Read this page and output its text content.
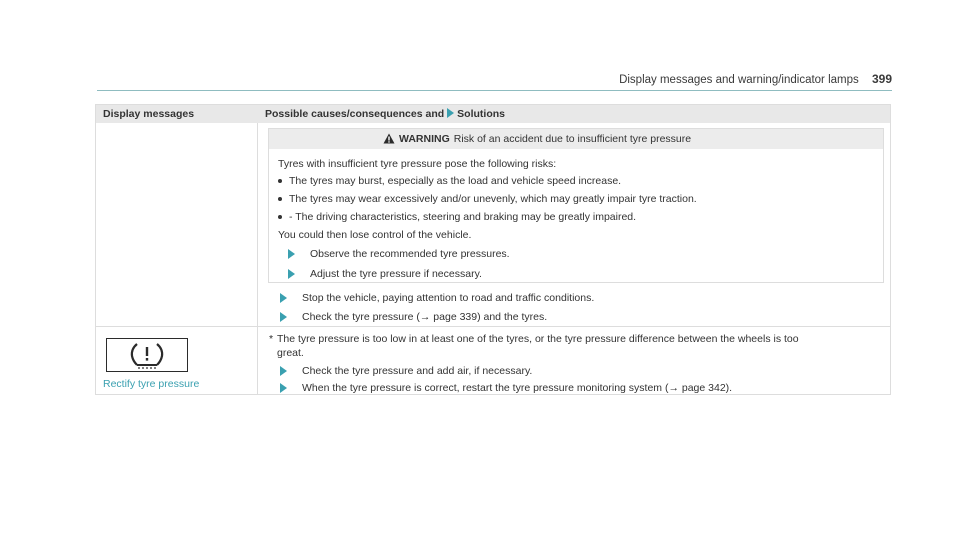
Display messages and warning/indicator lamps 399
Display messages	Possible causes/consequences and Solutions
WARNING Risk of an accident due to insufficient tyre pressure
Tyres with insufficient tyre pressure pose the following risks:
The tyres may burst, especially as the load and vehicle speed increase.
The tyres may wear excessively and/or unevenly, which may greatly impair tyre traction.
- The driving characteristics, steering and braking may be greatly impaired.
You could then lose control of the vehicle.
Observe the recommended tyre pressures.
Adjust the tyre pressure if necessary.
Stop the vehicle, paying attention to road and traffic conditions.
Check the tyre pressure (→ page 339) and the tyres.
Rectify tyre pressure
* The tyre pressure is too low in at least one of the tyres, or the tyre pressure difference between the wheels is too
great.
Check the tyre pressure and add air, if necessary.
When the tyre pressure is correct, restart the tyre pressure monitoring system (→ page 342).
